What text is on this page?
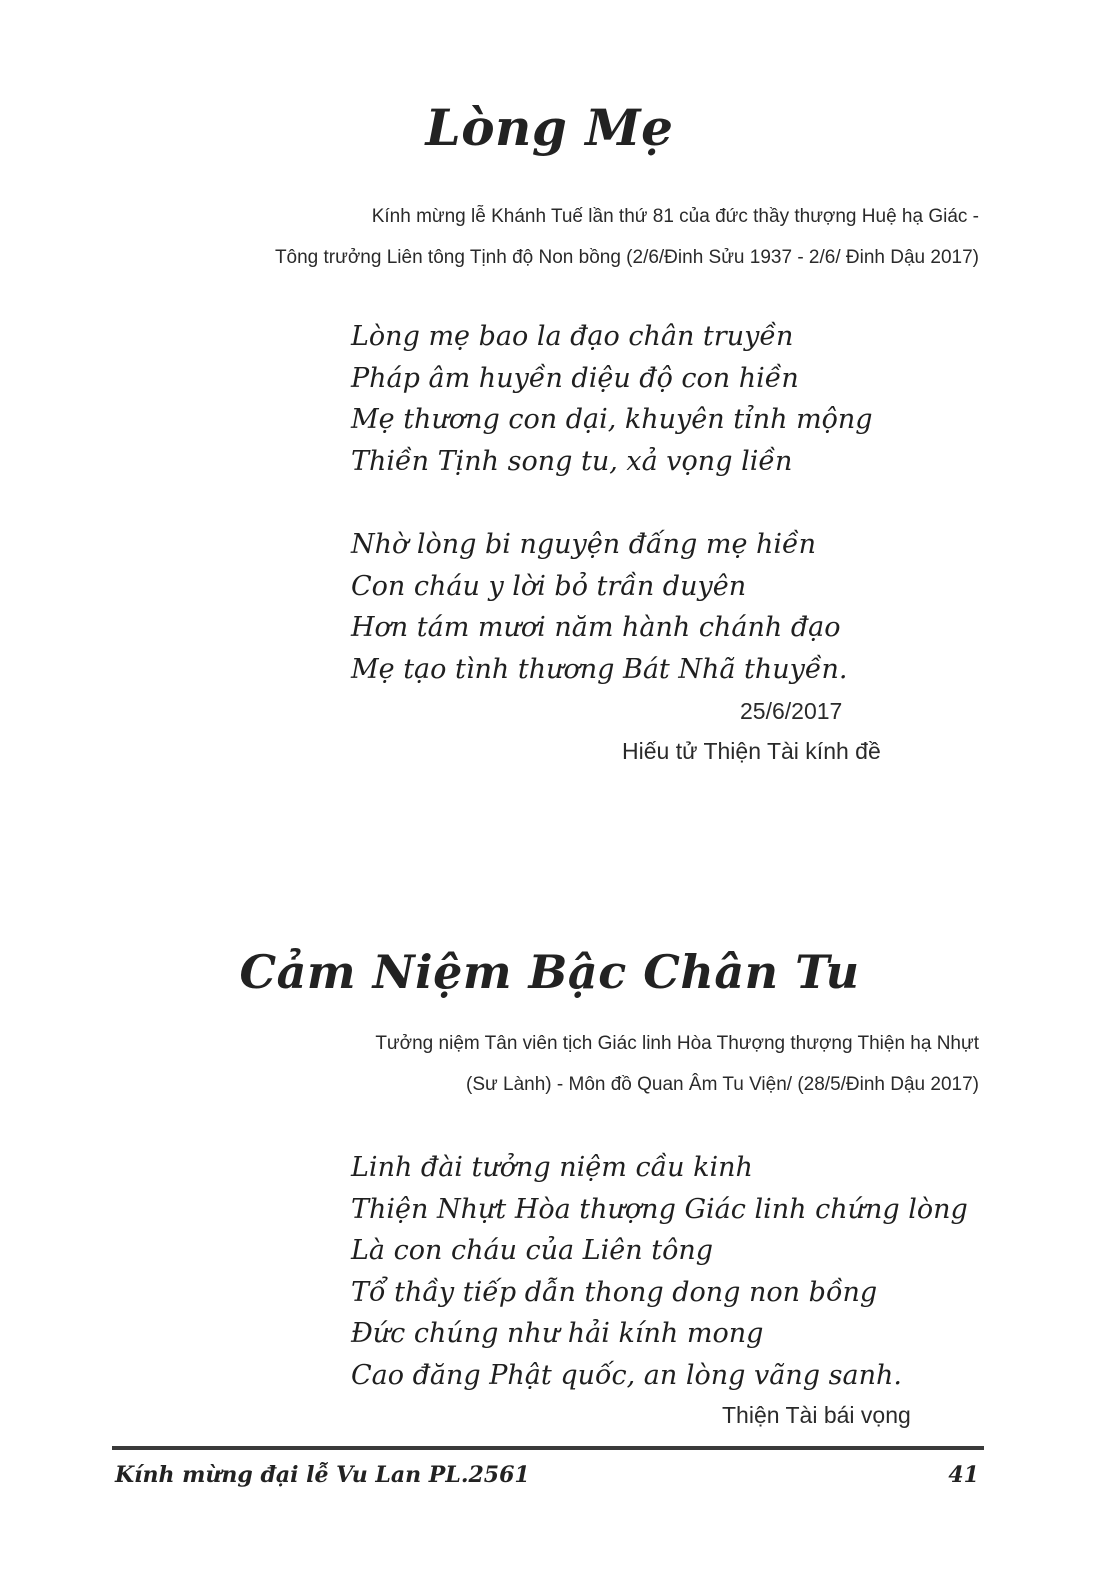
Lòng Mẹ
Kính mừng lễ Khánh Tuế lần thứ 81 của đức thầy thượng Huệ hạ Giác -
Tông trưởng Liên tông Tịnh độ Non bồng (2/6/Đinh Sửu 1937 - 2/6/ Đinh Dậu 2017)
Lòng mẹ bao la đạo chân truyền
Pháp âm huyền diệu độ con hiền
Mẹ thương con dại, khuyên tỉnh mộng
Thiền Tịnh song tu, xả vọng liền
Nhờ lòng bi nguyện đấng mẹ hiền
Con cháu y lời bỏ trần duyên
Hơn tám mươi năm hành chánh đạo
Mẹ tạo tình thương Bát Nhã thuyền.
25/6/2017
Hiếu tử Thiện Tài kính đề
Cảm Niệm Bậc Chân Tu
Tưởng niệm Tân viên tịch Giác linh Hòa Thượng thượng Thiện hạ Nhựt
(Sư Lành) - Môn đồ Quan Âm Tu Viện/ (28/5/Đinh Dậu 2017)
Linh đài tưởng niệm cầu kinh
Thiện Nhựt Hòa thượng Giác linh chứng lòng
Là con cháu của Liên tông
Tổ thầy tiếp dẫn thong dong non bồng
Đức chúng như hải kính mong
Cao đăng Phật quốc, an lòng vãng sanh.
Thiện Tài bái vọng
Kính mừng đại lễ Vu Lan PL.2561	41
